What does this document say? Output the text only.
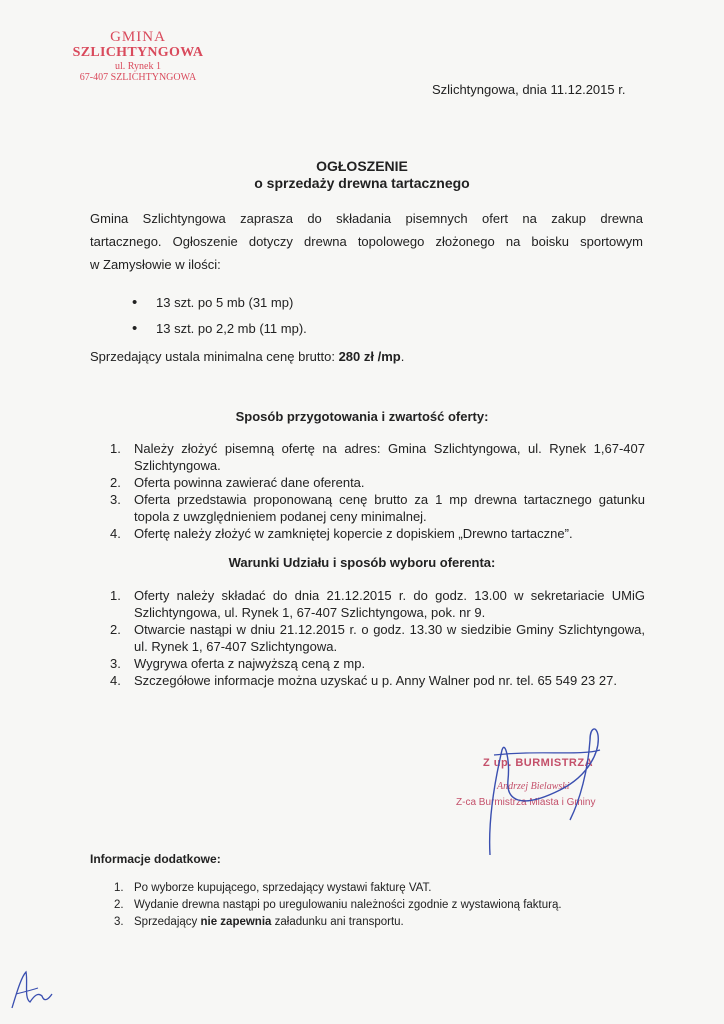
GMINA
SZLICHTYNGOWA
ul. Rynek 1
67-407 SZLICHTYNGOWA
Szlichtyngowa, dnia 11.12.2015 r.
OGŁOSZENIE
o sprzedaży drewna tartacznego
Gmina Szlichtyngowa zaprasza do składania pisemnych ofert na zakup drewna
tartacznego. Ogłoszenie dotyczy drewna topolowego złożonego na boisku sportowym
w Zamysłowie w ilości:
• 13 szt. po 5 mb (31 mp)
• 13 szt. po 2,2 mb (11 mp).
Sprzedający ustala minimalna cenę brutto: 280 zł /mp.
Sposób przygotowania i zwartość oferty:
1. Należy złożyć pisemną ofertę na adres: Gmina Szlichtyngowa, ul. Rynek 1,67-407 Szlichtyngowa.
2. Oferta powinna zawierać dane oferenta.
3. Oferta przedstawia proponowaną cenę brutto za 1 mp drewna tartacznego gatunku topola z uwzględnieniem podanej ceny minimalnej.
4. Ofertę należy złożyć w zamkniętej kopercie z dopiskiem „Drewno tartaczne”.
Warunki Udziału i sposób wyboru oferenta:
1. Oferty należy składać do dnia 21.12.2015 r. do godz. 13.00 w sekretariacie UMiG Szlichtyngowa, ul. Rynek 1, 67-407 Szlichtyngowa, pok. nr 9.
2. Otwarcie nastąpi w dniu 21.12.2015 r. o godz. 13.30 w siedzibie Gminy Szlichtyngowa, ul. Rynek 1, 67-407 Szlichtyngowa.
3. Wygrywa oferta z najwyższą ceną z mp.
4. Szczegółowe informacje można uzyskać u p. Anny Walner pod nr. tel. 65 549 23 27.
Z up. BURMISTRZA
Andrzej Bielawski
Z-ca Burmistrza Miasta i Gminy
Informacje dodatkowe:
1. Po wyborze kupującego, sprzedający wystawi fakturę VAT.
2. Wydanie drewna nastąpi po uregulowaniu należności zgodnie z wystawioną fakturą.
3. Sprzedający nie zapewnia załadunku ani transportu.
